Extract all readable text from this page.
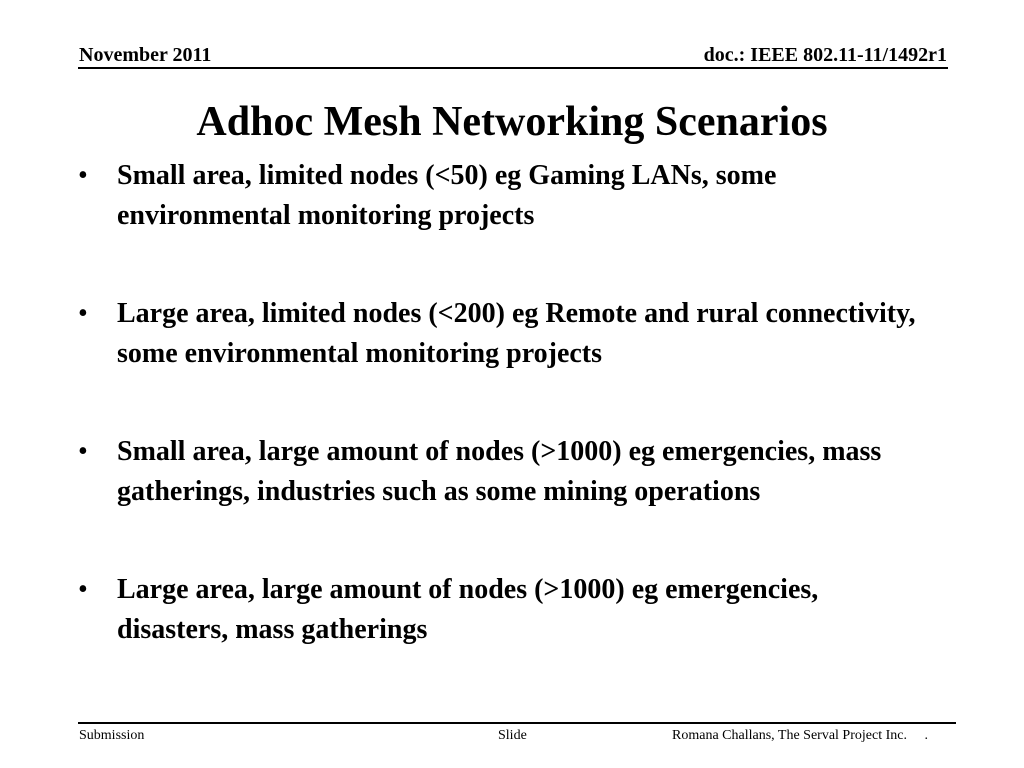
November 2011	doc.: IEEE 802.11-11/1492r1
Adhoc Mesh Networking Scenarios
•	Small area, limited nodes (<50) eg Gaming LANs, some environmental monitoring projects
•	Large area, limited nodes (<200) eg Remote and rural connectivity, some environmental monitoring projects
•	Small area, large amount of nodes (>1000) eg emergencies, mass gatherings, industries such as some mining operations
•	Large area, large amount of nodes (>1000) eg emergencies, disasters, mass gatherings
Submission	Slide	Romana Challans, The Serval Project Inc.     .
